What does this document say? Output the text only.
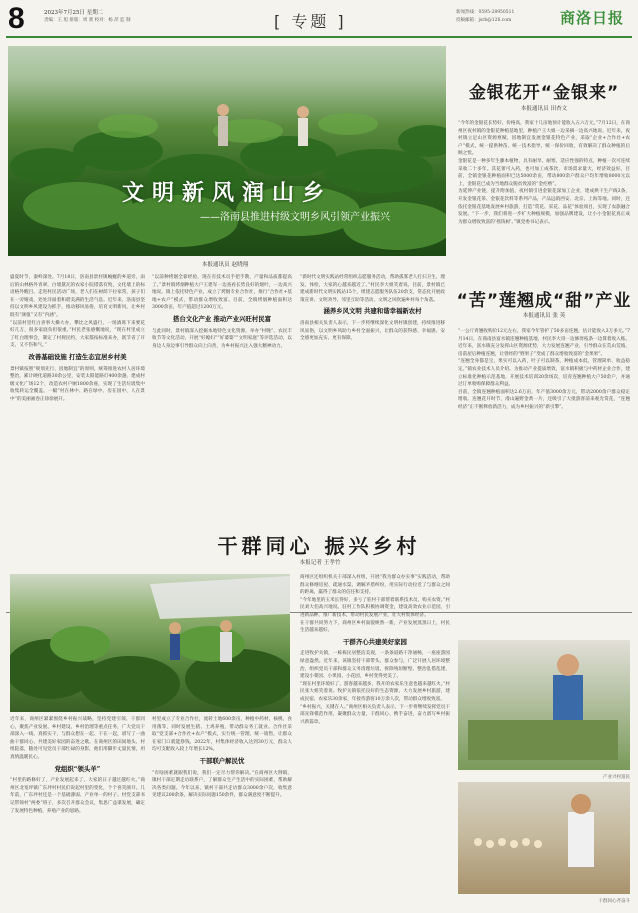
8	2023年7月25日 星期二
责编：王 旭 排版：周 蕾 校对：杨 萍 监 制	[ 专题 ]	新闻热线：0595-28950511
投稿邮箱：jsrb@126.com	商洛日报
文明新风润山乡
——洛南县推进村级文明乡风引领产业振兴
本报通讯员 赵晓翔

盛夏时节，秦岭深处。7月18日，洛南县景村镇蜿蜒的乡道旁，雨后的山林格外青翠，白墙黛瓦的农家小院错落有致，文化墙上的标语格外醒目。走进村民活动广场，老人们在树荫下拉家常，孩子们在一旁嬉戏，处处洋溢着和谐美满的生活气息。近年来，洛南县坚持以文明乡风建设为抓手，推动移风易俗，培育文明新风，让乡村既有“颜值”又有“内涵”。

“以前村里红白喜事大操大办，攀比之风盛行，一场酒席下来要花好几万，很多家庭负担很重。”村民老张感慨地说，“现在村里成立了红白理事会，制定了村规民约，大家都按标准来办，既节省了开支，又不伤和气。”

改善基础设施 打造生态宜居乡村美

景村镇按照“规划先行、因地制宜”的原则，统筹推进农村人居环境整治，累计硬化道路30余公里，安装太阳能路灯400余盏，建成村级文化广场12个，改造农村户厕1800余座，实现了生活垃圾集中收集转运全覆盖。一幅“村在林中、路在绿中、房在园中、人在景中”的美丽画卷正徐徐展开。

“以前种烤烟全靠经验，现在有技术员手把手教，产量和品质都提高了。”景村镇烤烟种植大户王建军一边查看长势良好的烟叶，一边高兴地说。镇上依托特色产业，成立了烤烟专业合作社，推行“合作社+基地+农户”模式，带动群众增收致富。目前，全镇烤烟种植面积达3000余亩，年产值超过1200万元。

搭台文化产业 推动产业兴旺村民富

与此同时，景村镇深入挖掘本地特色文化资源，举办“村晚”、农民丰收节等文化活动，开展“好媳妇”“好婆婆”“文明家庭”等评选活动，以身边人身边事引导群众向上向善，为乡村振兴注入强大精神动力。

“新时代文明实践站经常组织志愿服务活动，帮助孤寡老人打扫卫生、理发、体检，大家的心越来越近了。”村民李大姐笑着说。目前，景村镇已建成新时代文明实践站15个，组建志愿服务队伍20余支，常态化开展政策宣讲、文明劝导、邻里互助等活动，文明之风吹遍乡村每个角落。

涵养乡风文明 共建和谐幸福新农村

洛南县相关负责人表示，下一步将继续深化文明村镇创建，持续推进移风易俗，以文明乡风助力乡村全面振兴，让群众的获得感、幸福感、安全感更加充实、更有保障。

金银花开“金银来”
本报通讯员 田杏文

“今年的金银花长势好、价格高，我家十几亩地预计能收入五六万元。”7月12日，在商州区夜村镇的金银花种植基地里，种植户王大姐一边采摘一边高兴地说。近年来，夜村镇立足山区资源禀赋，因地制宜发展金银花特色产业，采取“企业+合作社+农户”模式，统一提供种苗、统一技术指导、统一保价回收，有效解决了群众种植的后顾之忧。

金银花是一种多年生藤本植物，具有耐旱、耐寒、适应性强的特点，种植一次可连续采收二十多年。其花蕾可入药，也可加工成茶饮，市场需求量大，经济效益好。目前，全镇金银花种植面积已达5000余亩，带动800余户群众户均年增收8000元以上，金银花已成为当地群众脱贫致富的“金疙瘩”。

为延伸产业链，提升附加值，夜村镇引进金银花深加工企业，建成烘干生产线3条，开发金银花茶、金银花饮料等系列产品，产品远销西安、北京、上海等地。同时，还依托金银花基地发展乡村旅游，打造“赏花、采花、品花”体验项目，实现了农旅融合发展。“下一步，我们将进一步扩大种植规模，加强品牌建设，让小小金银花真正成为群众增收致富的‘摇钱树’。”镇党委书记表示。

“苦”莲翘成“甜”产业
本报通讯员 张 英

“一公斤青翘收购价12元左右，我家今年管护了50多亩连翘，估计能收入3万多元。”7月14日，在商南县富水镇连翘种植基地，村民李大哥一边修剪枝条一边算着收入账。近年来，富水镇充分发挥山区资源优势，大力发展连翘产业，引导群众在荒山荒坡、房前屋后种植连翘，让曾经的“野果子”变成了群众增收致富的“金果果”。

“连翘全身都是宝，果实可以入药，叶子可以制茶，种植成本低、管理简单、收益稳定。”镇农业技术人员介绍。为推动产业提质增效，富水镇积极与中药材企业合作，建立标准化种植示范基地，开展技术培训20余场次，培育连翘种植大户50余户，并通过订单收购保障群众利益。

目前，全镇连翘种植面积达2.6万亩，年产值3000余万元，带动2000余户群众稳定增收。连翘花开时节，漫山遍野金黄一片，还吸引了大批游客前来观光赏花，“连翘经济”正不断释放新活力，成为乡村振兴的“新引擎”。

干群同心 振兴乡村
本报记者 王孝竹

近年来，商州区紧紧围绕乡村振兴战略，坚持党建引领、干群同心，聚焦产业发展、乡村建设、乡村治理等重点任务，广大党员干部深入一线、真抓实干，与群众想在一起、干在一起，谱写了一曲曲干群同心、共建美好家园的奋进之歌。在商州区的田间地头、村组院落，随处可见党员干部忙碌的身影，他们用脚步丈量民情，用真情温暖民心。

党组织“领头羊”

“村里的路修好了，产业发展起来了，大家的日子越过越红火。”商州区北宽坪镇广东坪村村民们说起村里的变化，个个喜笑颜开。几年前，广东坪村还是一个基础薄弱、产业单一的村子。村党支部书记带领村“两委”班子，多次召开群众会议，集思广益谋发展，确定了发展特色种植、养殖产业的思路。

村里成立了专业合作社，流转土地600余亩，种植中药材、核桃、食用菌等，同时发展生猪、土鸡养殖，带动群众务工就业。合作社采取“党支部+合作社+农户”模式，实行统一管理、统一销售，让群众在家门口就能挣钱。2022年，村集体经济收入达到30万元，群众人均可支配收入较上年增长12%。

干部联户解民忧

“有啥困难就跟我们说，我们一定尽力帮你解决。”在商州区大荆镇，镇村干部定期走访联系户，了解群众生产生活中的实际困难，帮助解决各类问题。今年以来，镇村干部共走访群众3000余户次，收集意见建议200余条，解决实际问题150余件，群众满意度不断提升。

商州区还组织机关干部深入村组，开展“我为群众办实事”实践活动，帮助群众修缮房屋、疏通水渠、调解矛盾纠纷，用实际行动拉近了与群众之间的距离，赢得了群众的信任和支持。

“今年地里的玉米长得好，多亏了驻村干部帮着联系技术员、购买农资。”村民刘大伯高兴地说。驻村工作队积极协调资金，建设高效农业示范园，引进新品种、推广新技术，带动村民发展产业，壮大村集体经济。

在干群共同努力下，商州区乡村面貌焕然一新，产业发展蒸蒸日上，村民生活越来越好。

干群齐心共建美好家园

走进牧护关镇，一栋栋民居整洁美观，一条条道路干净通畅，一座座游园绿意盎然。近年来，该镇坚持干部带头、群众参与，广泛开展人居环境整治，组织党员干部和群众义务清理垃圾、拆除残垣断壁、整治乱搭乱建，建设小菜园、小果园、小花园，乡村变得更美了。

“现在村里环境好了，游客越来越多，我开的农家乐生意也越来越红火。”村民张大姐笑着说。牧护关镇依托良好的生态资源，大力发展乡村旅游，建成民宿、农家乐30余家，年接待游客10万余人次，带动群众增收致富。

“乡村振兴，关键在人。”商州区相关负责人表示，下一步将继续发挥党员干部先锋模范作用，凝聚群众力量，干群同心、携手奋进，奋力谱写乡村振兴新篇章。

产业兴村富民
干群同心齐奋斗
